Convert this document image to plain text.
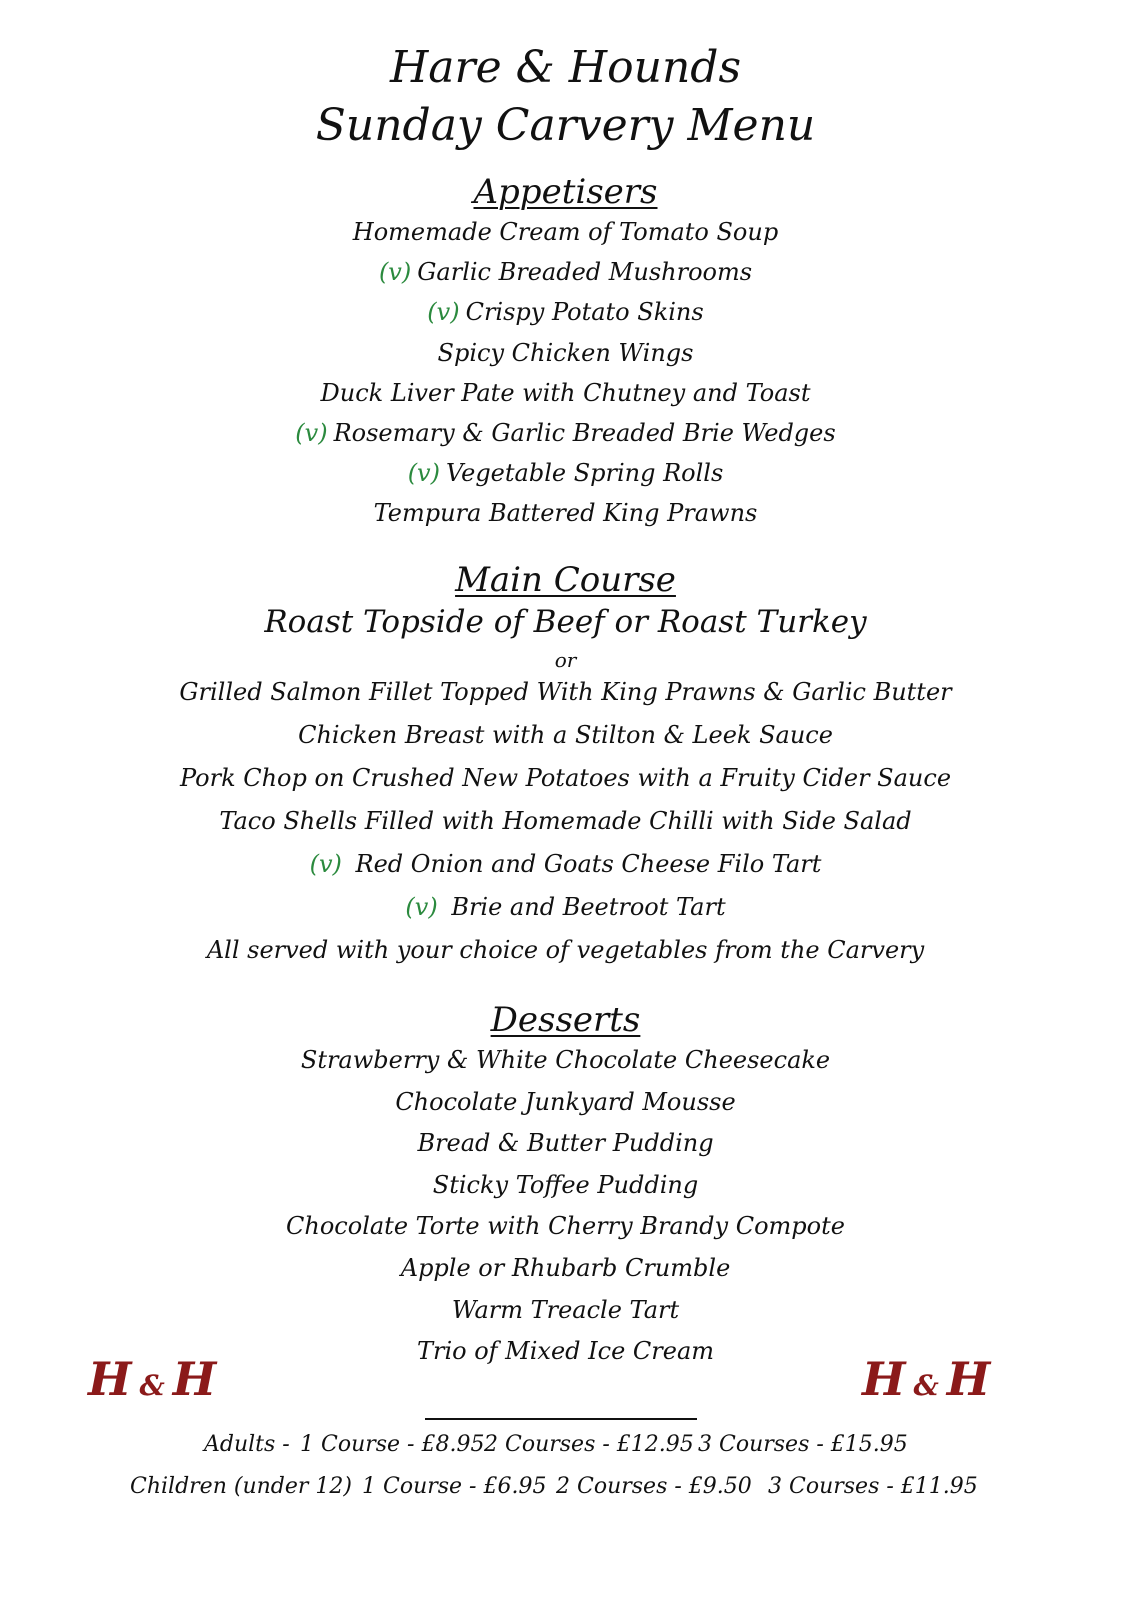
Hare & Hounds
Sunday Carvery Menu
Appetisers
Homemade Cream of Tomato Soup
(v) Garlic Breaded Mushrooms
(v) Crispy Potato Skins
Spicy Chicken Wings
Duck Liver Pate with Chutney and Toast
(v) Rosemary & Garlic Breaded Brie Wedges
(v) Vegetable Spring Rolls
Tempura Battered King Prawns
Main Course
Roast Topside of Beef or Roast Turkey
or
Grilled Salmon Fillet Topped With King Prawns & Garlic Butter
Chicken Breast with a Stilton & Leek Sauce
Pork Chop on Crushed New Potatoes with a Fruity Cider Sauce
Taco Shells Filled with Homemade Chilli with Side Salad
(v) Red Onion and Goats Cheese Filo Tart
(v) Brie and Beetroot Tart
All served with your choice of vegetables from the Carvery
Desserts
Strawberry & White Chocolate Cheesecake
Chocolate Junkyard Mousse
Bread & Butter Pudding
Sticky Toffee Pudding
Chocolate Torte with Cherry Brandy Compote
Apple or Rhubarb Crumble
Warm Treacle Tart
Trio of Mixed Ice Cream
H & H	H & H
Adults - 1 Course - £8.95 2 Courses - £12.95 3 Courses - £15.95
Children (under 12) 1 Course - £6.95 2 Courses - £9.50 3 Courses - £11.95
